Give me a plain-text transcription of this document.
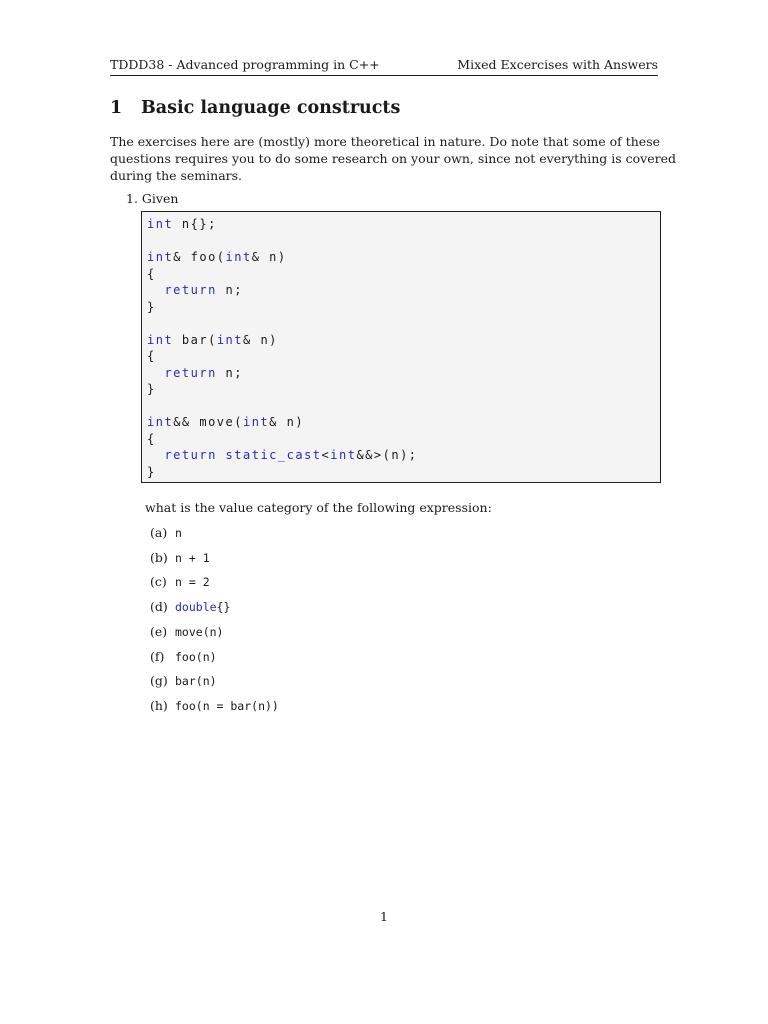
TDDD38 - Advanced programming in C++	Mixed Excercises with Answers
1 Basic language constructs
The exercises here are (mostly) more theoretical in nature. Do note that some of these
questions requires you to do some research on your own, since not everything is covered
during the seminars.
1. Given
int n{};

int& foo(int& n)
{
return n;
}

int bar(int& n)
{
return n;
}

int&& move(int& n)
{
return static_cast<int&&>(n);
}
what is the value category of the following expression:
(a) n
(b) n + 1
(c) n = 2
(d) double{}
(e) move(n)
(f) foo(n)
(g) bar(n)
(h) foo(n = bar(n))
1
